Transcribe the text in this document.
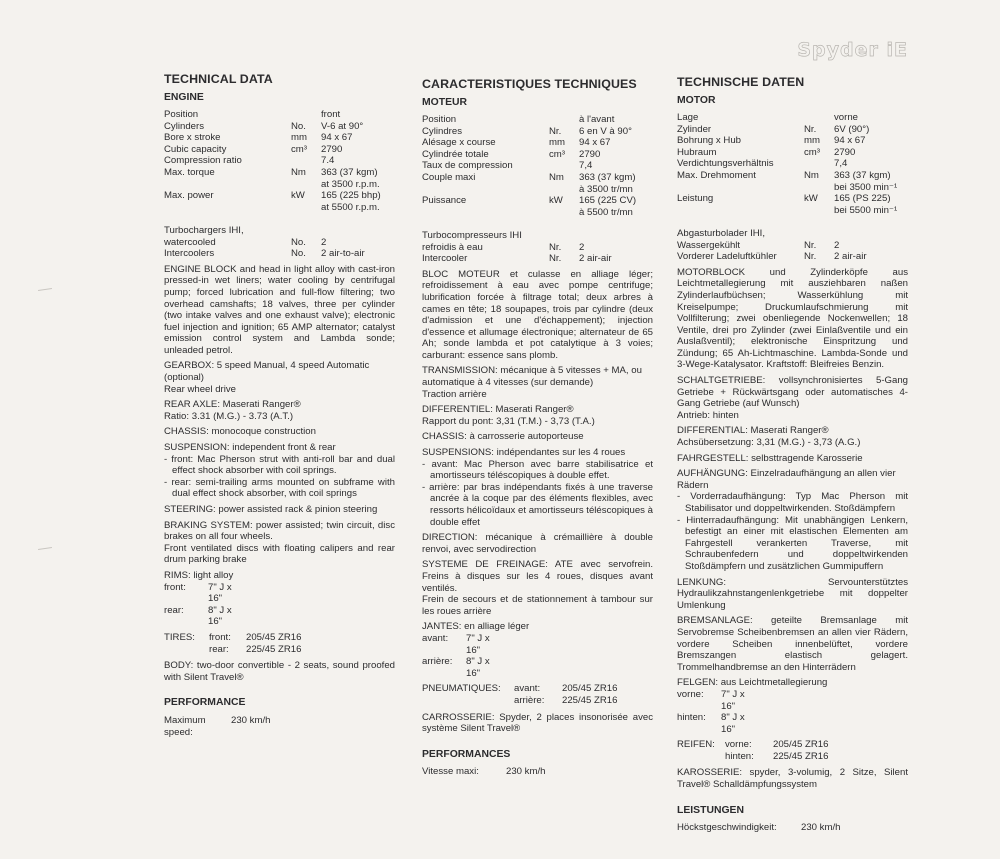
Spyder iE
TECHNICAL DATA
ENGINE
Position	front
Cylinders	No.	V-6 at 90°
Bore x stroke	mm	94 x 67
Cubic capacity	cm³	2790
Compression ratio	7.4
Max. torque	Nm	363 (37 kgm)
at 3500 r.p.m.
Max. power	kW	165 (225 bhp)
at 5500 r.p.m.
Turbochargers IHI,
watercooled	No.	2
Intercoolers	No.	2 air-to-air

ENGINE BLOCK and head in light alloy with cast-iron pressed-in wet liners; water cooling by centrifugal pump; forced lubrication and full-flow filtering; two overhead camshafts; 18 valves, three per cylinder (two intake valves and one exhaust valve); electronic fuel injection and ignition; 65 AMP alternator; catalyst emission control system and Lambda sonde; unleaded petrol.

GEARBOX: 5 speed Manual, 4 speed Automatic
(optional)
Rear wheel drive
REAR AXLE: Maserati Ranger®
Ratio: 3.31 (M.G.) - 3.73 (A.T.)
CHASSIS: monocoque construction
SUSPENSION: independent front & rear

- front: Mac Pherson strut with anti-roll bar and dual effect shock absorber with coil springs.

- rear: semi-trailing arms mounted on subframe with dual effect shock absorber, with coil springs

STEERING: power assisted rack & pinion steering

BRAKING SYSTEM: power assisted; twin circuit, disc brakes on all four wheels.

Front ventilated discs with floating calipers and rear drum parking brake

RIMS: light alloy
front:	7" J x 16"
rear:	8" J x 16"
TIRES:	front:	205/45 ZR16
rear:	225/45 ZR16

BODY: two-door convertible - 2 seats, sound proofed with Silent Travel®

PERFORMANCE
Maximum speed:
230 km/h
CARACTERISTIQUES TECHNIQUES
MOTEUR
Position	à l'avant
Cylindres	Nr.	6 en V à 90°
Alésage x course	mm	94 x 67
Cylindrée totale	cm³	2790
Taux de compression	7,4
Couple maxi	Nm	363 (37 kgm)
à 3500 tr/mn
Puissance	kW	165 (225 CV)
à 5500 tr/mn
Turbocompresseurs IHI
refroidis à eau	Nr.	2
Intercooler	Nr.	2 air-air

BLOC MOTEUR et culasse en alliage léger; refroidissement à eau avec pompe centrifuge; lubrification forcée à filtrage total; deux arbres à cames en tête; 18 soupapes, trois par cylindre (deux d'admission et une d'échappement); injection d'essence et allumage électronique; alternateur de 65 Ah; sonde lambda et pot catalytique à 3 voies; carburant: essence sans plomb.

TRANSMISSION: mécanique à 5 vitesses + MA, ou automatique à 4 vitesses (sur demande)
Traction arrière
DIFFERENTIEL: Maserati Ranger®
Rapport du pont: 3,31 (T.M.) - 3,73 (T.A.)
CHASSIS: à carrosserie autoporteuse
SUSPENSIONS: indépendantes sur les 4 roues

- avant: Mac Pherson avec barre stabilisatrice et amortisseurs téléscopiques à double effet.

- arrière: par bras indépendants fixés à une traverse ancrée à la coque par des éléments flexibles, avec ressorts hélicoïdaux et amortisseurs téléscopiques à double effet

DIRECTION: mécanique à crémaillière à double renvoi, avec servodirection

SYSTEME DE FREINAGE: ATE avec servofrein. Freins à disques sur les 4 roues, disques avant ventilés.

Frein de secours et de stationnement à tambour sur les roues arrière

JANTES: en alliage léger
avant:	7" J x 16"
arrière:	8" J x 16"
PNEUMATIQUES:	avant:	205/45 ZR16
arrière:	225/45 ZR16

CARROSSERIE: Spyder, 2 places insonorisée avec système Silent Travel®

PERFORMANCES
Vitesse maxi:	230 km/h
TECHNISCHE DATEN
MOTOR
Lage	vorne
Zylinder	Nr.	6V (90°)
Bohrung x Hub	mm	94 x 67
Hubraum	cm³	2790
Verdichtungsverhältnis	7,4
Max. Drehmoment	Nm	363 (37 kgm)
bei 3500 min⁻¹
Leistung	kW	165 (PS 225)
bei 5500 min⁻¹
Abgasturbolader IHI,
Wassergekühlt	Nr.	2
Vorderer Ladeluftkühler	Nr.	2 air-air

MOTORBLOCK und Zylinderköpfe aus Leichtmetallegierung mit ausziehbaren naßen Zylinderlaufbüchsen; Wasserkühlung mit Kreiselpumpe; Druckumlaufschmierung mit Vollfilterung; zwei obenliegende Nockenwellen; 18 Ventile, drei pro Zylinder (zwei Einlaßventile und ein Auslaßventil); elektronische Einspritzung und Zündung; 65 Ah-Lichtmaschine. Lambda-Sonde und 3-Wege-Katalysator. Kraftstoff: Bleifreies Benzin.

SCHALTGETRIEBE: vollsynchronisiertes 5-Gang Getriebe + Rückwärtsgang oder automatisches 4-Gang Getriebe (auf Wunsch)
Antrieb: hinten
DIFFERENTIAL: Maserati Ranger®
Achsübersetzung: 3,31 (M.G.) - 3,73 (A.G.)
FAHRGESTELL: selbsttragende Karosserie
AUFHÄNGUNG: Einzelradaufhängung an allen vier Rädern

- Vorderradaufhängung: Typ Mac Pherson mit Stabilisator und doppeltwirkenden. Stoßdämpfern

- Hinterradaufhängung: Mit unabhängigen Lenkern, befestigt an einer mit elastischen Elementen am Fahrgestell verankerten Traverse, mit Schraubenfedern und doppeltwirkenden Stoßdämpfern und zusätzlichen Gummipuffern

LENKUNG: Servounterstütztes Hydraulikzahnstangenlenkgetriebe mit doppelter Umlenkung

BREMSANLAGE: geteilte Bremsanlage mit Servobremse Scheibenbremsen an allen vier Rädern, vordere Scheiben innenbelüftet, vordere Bremszangen elastisch gelagert. Trommelhandbremse an den Hinterrädern

FELGEN: aus Leichtmetallegierung
vorne:	7" J x 16"
hinten:	8" J x 16"
REIFEN:	vorne:	205/45 ZR16
hinten:	225/45 ZR16

KAROSSERIE: spyder, 3-volumig, 2 Sitze, Silent Travel® Schalldämpfungssystem

LEISTUNGEN
Höckstgeschwindigkeit:	230 km/h
